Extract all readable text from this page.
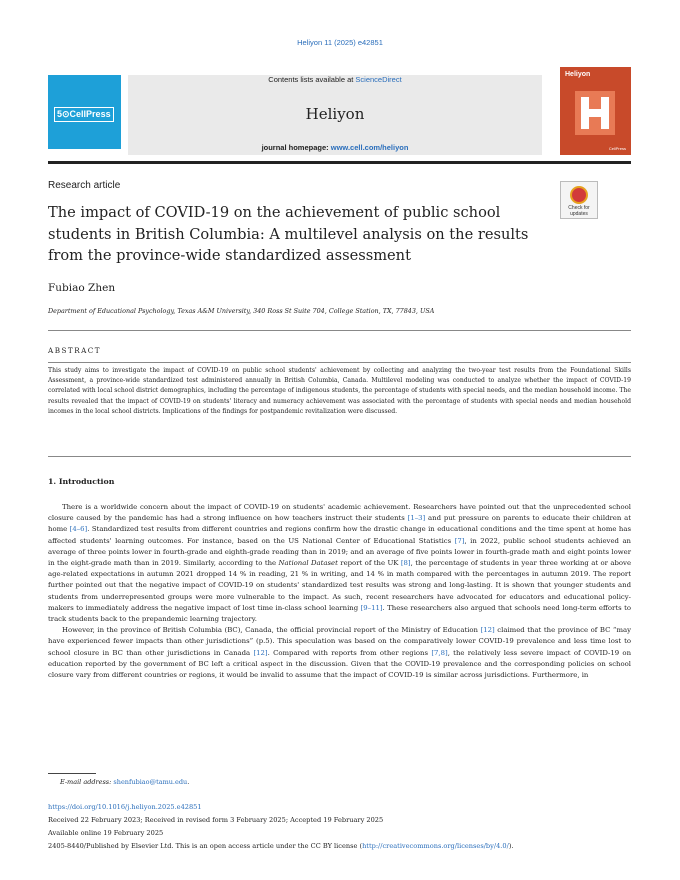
Heliyon 11 (2025) e42851
5⊙CellPress
Contents lists available at ScienceDirect
Heliyon
journal homepage: www.cell.com/heliyon
Heliyon
CellPress
Research article
Check for updates
The impact of COVID-19 on the achievement of public school students in British Columbia: A multilevel analysis on the results from the province-wide standardized assessment
Fubiao Zhen
Department of Educational Psychology, Texas A&M University, 340 Ross St Suite 704, College Station, TX, 77843, USA
ABSTRACT
This study aims to investigate the impact of COVID-19 on public school students' achievement by collecting and analyzing the two-year test results from the Foundational Skills Assessment, a province-wide standardized test administered annually in British Columbia, Canada. Multilevel modeling was conducted to analyze whether the impact of COVID-19 correlated with local school district demographics, including the percentage of indigenous students, the percentage of students with special needs, and the median household income. The results revealed that the impact of COVID-19 on students' literacy and numeracy achievement was associated with the percentage of students with special needs and median household incomes in the local school districts. Implications of the findings for postpandemic revitalization were discussed.
1. Introduction

There is a worldwide concern about the impact of COVID-19 on students' academic achievement. Researchers have pointed out that the unprecedented school closure caused by the pandemic has had a strong influence on how teachers instruct their students [1–3] and put pressure on parents to educate their children at home [4–6]. Standardized test results from different countries and regions confirm how the drastic change in educational conditions and the time spent at home has affected students' learning outcomes. For instance, based on the US National Center of Educational Statistics [7], in 2022, public school students achieved an average of three points lower in fourth-grade and eighth-grade reading than in 2019; and an average of five points lower in fourth-grade math and eight points lower in the eight-grade math than in 2019. Similarly, according to the National Dataset report of the UK [8], the percentage of students in year three working at or above age-related expectations in autumn 2021 dropped 14 % in reading, 21 % in writing, and 14 % in math compared with the percentages in autumn 2019. The report further pointed out that the negative impact of COVID-19 on students' standardized test results was strong and long-lasting. It is shown that younger students and students from underrepresented groups were more vulnerable to the impact. As such, recent researchers have advocated for educators and educational policy-makers to immediately address the negative impact of lost time in-class school learning [9–11]. These researchers also argued that schools need long-term efforts to track students back to the prepandemic learning trajectory.

However, in the province of British Columbia (BC), Canada, the official provincial report of the Ministry of Education [12] claimed that the province of BC “may have experienced fewer impacts than other jurisdictions” (p.5). This speculation was based on the comparatively lower COVID-19 prevalence and less time lost to school closure in BC than other jurisdictions in Canada [12]. Compared with reports from other regions [7,8], the relatively less severe impact of COVID-19 on education reported by the government of BC left a critical aspect in the discussion. Given that the COVID-19 prevalence and the corresponding policies on school closure vary from different countries or regions, it would be invalid to assume that the impact of COVID-19 is similar across jurisdictions. Furthermore, in

E-mail address: shenfubiao@tamu.edu.
https://doi.org/10.1016/j.heliyon.2025.e42851
Received 22 February 2023; Received in revised form 3 February 2025; Accepted 19 February 2025
Available online 19 February 2025
2405-8440/Published by Elsevier Ltd. This is an open access article under the CC BY license (http://creativecommons.org/licenses/by/4.0/).
